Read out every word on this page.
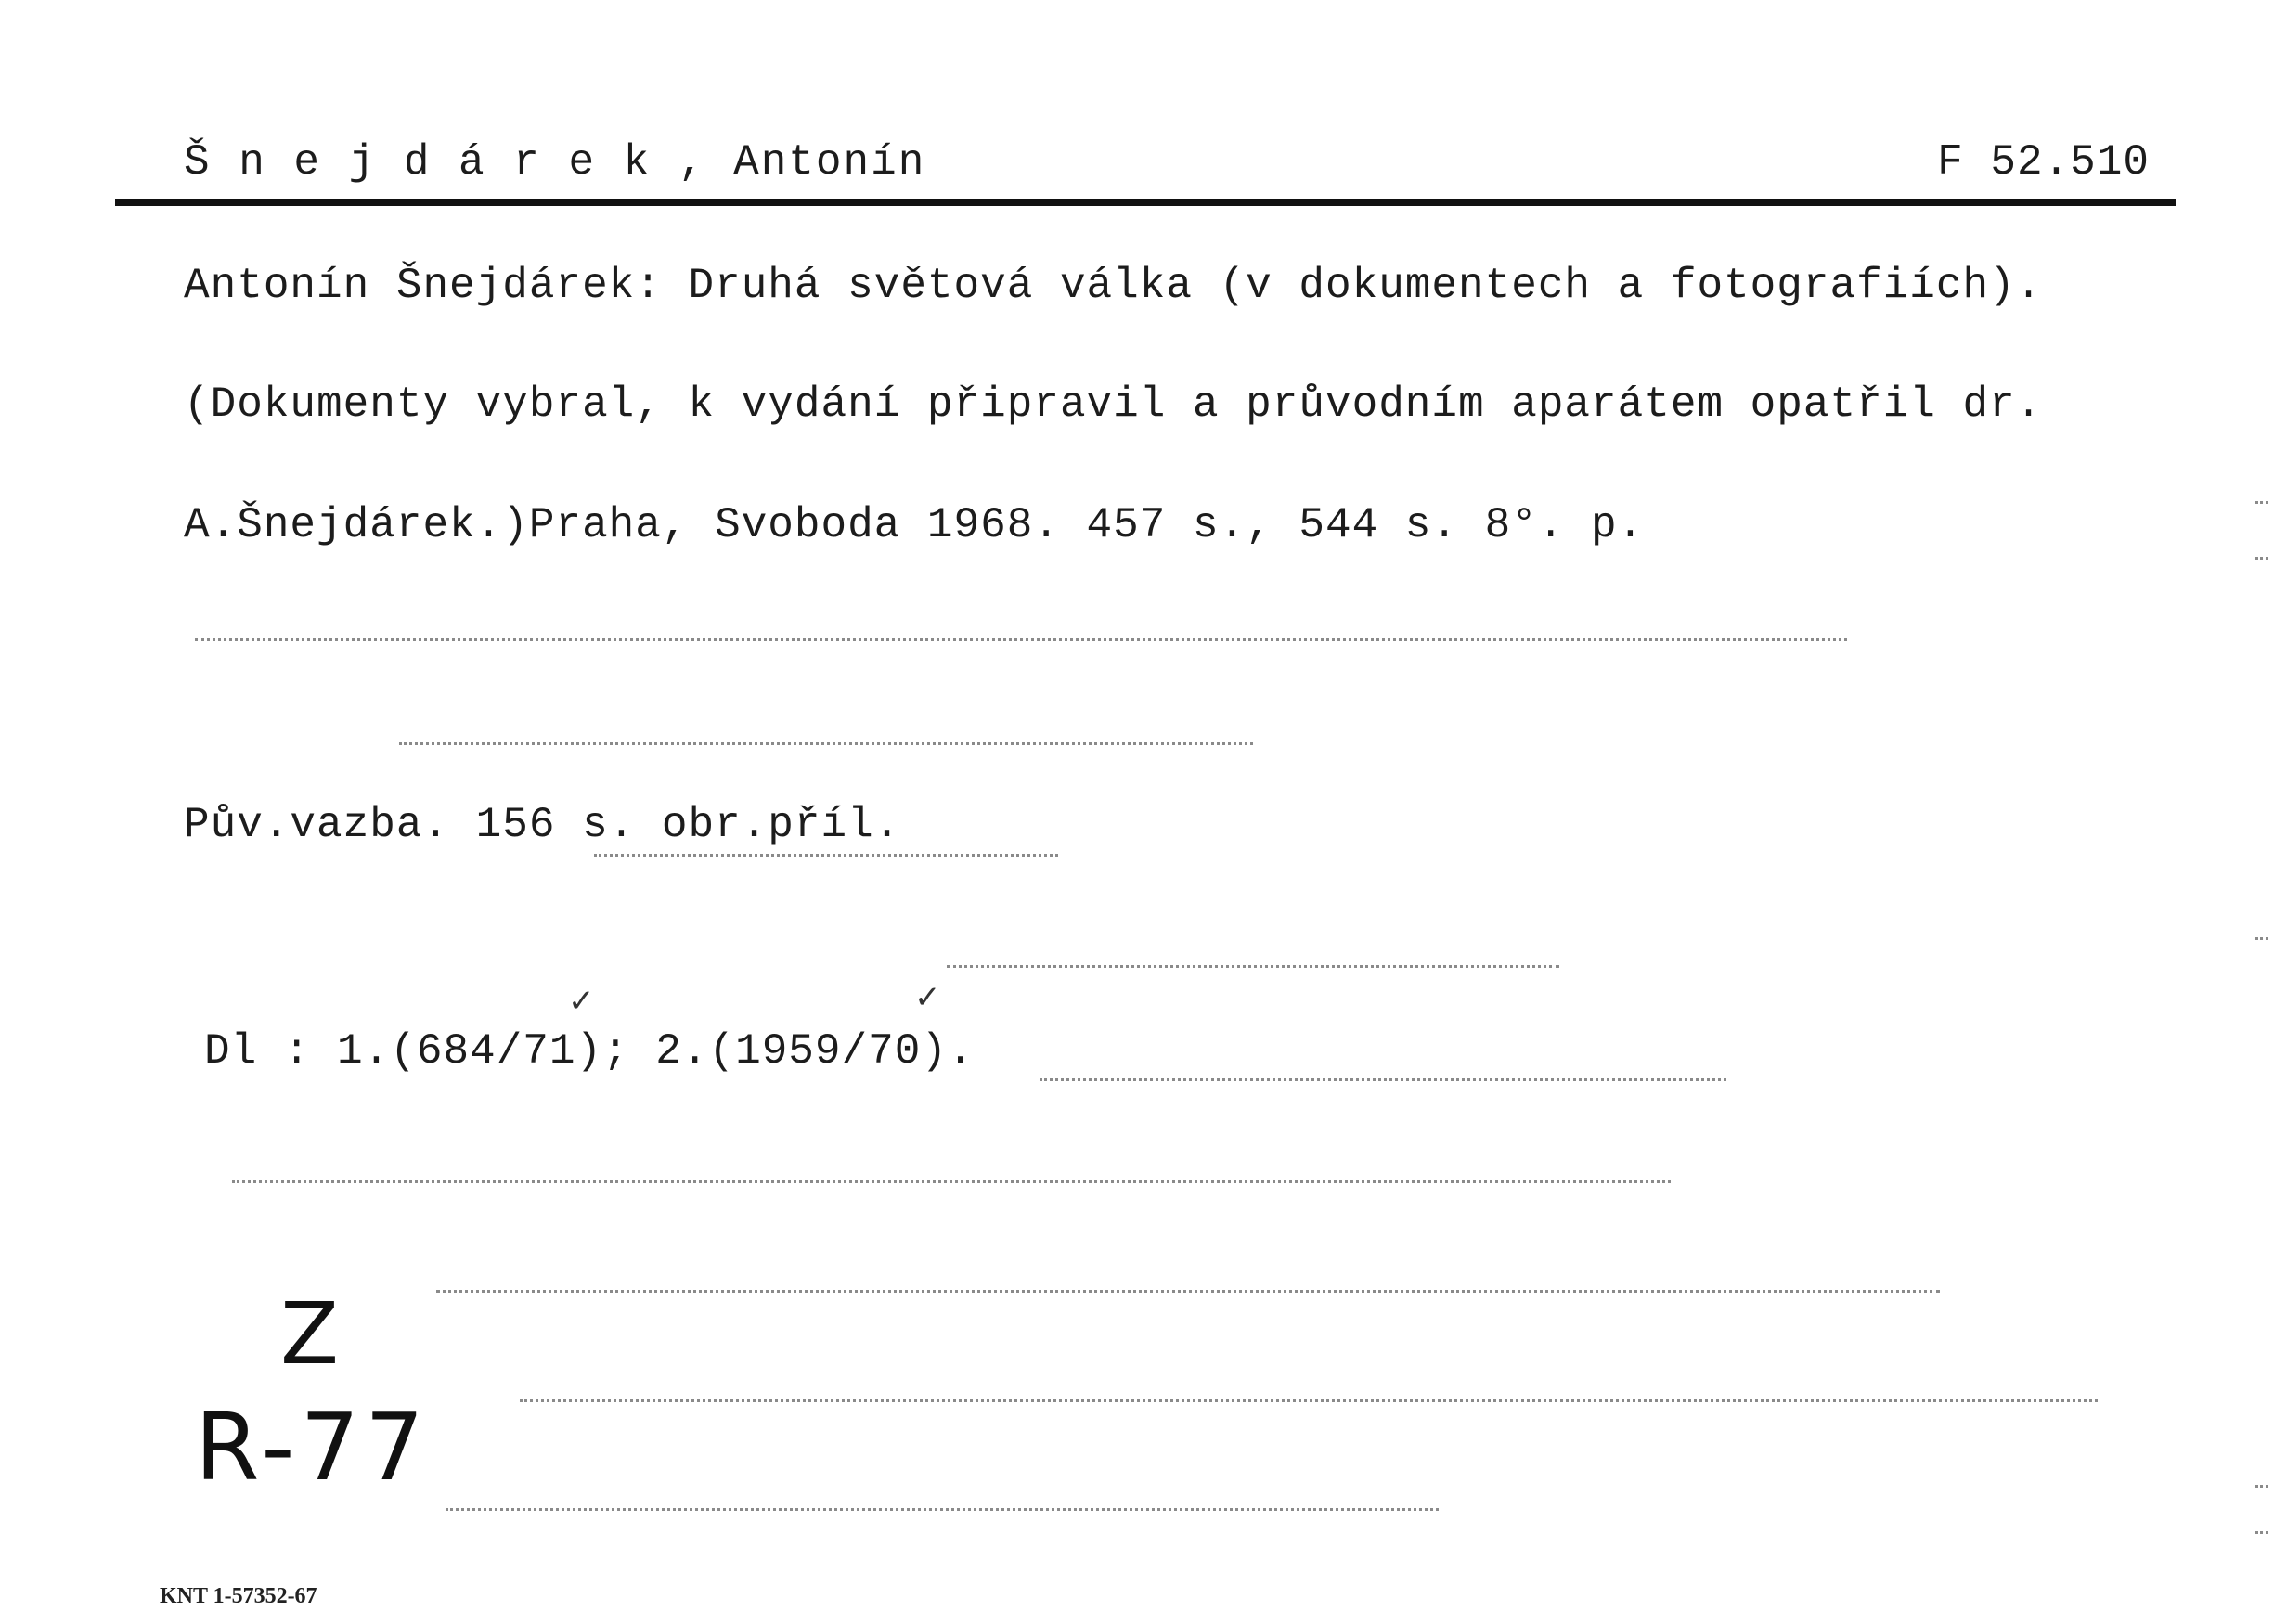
Š n e j d á r e k , Antonín	F 52.510
Antonín Šnejdárek: Druhá světová válka (v dokumentech a fotografiích).
(Dokumenty vybral, k vydání připravil a průvodním aparátem opatřil dr.
A.Šnejdárek.)Praha, Svoboda 1968. 457 s., 544 s. 8°. p.
Pův.vazba. 156 s. obr.příl.
Dl : 1.(684/71); 2.(1959/70).
Z
R-77
KNT 1-57352-67
✓	✓
